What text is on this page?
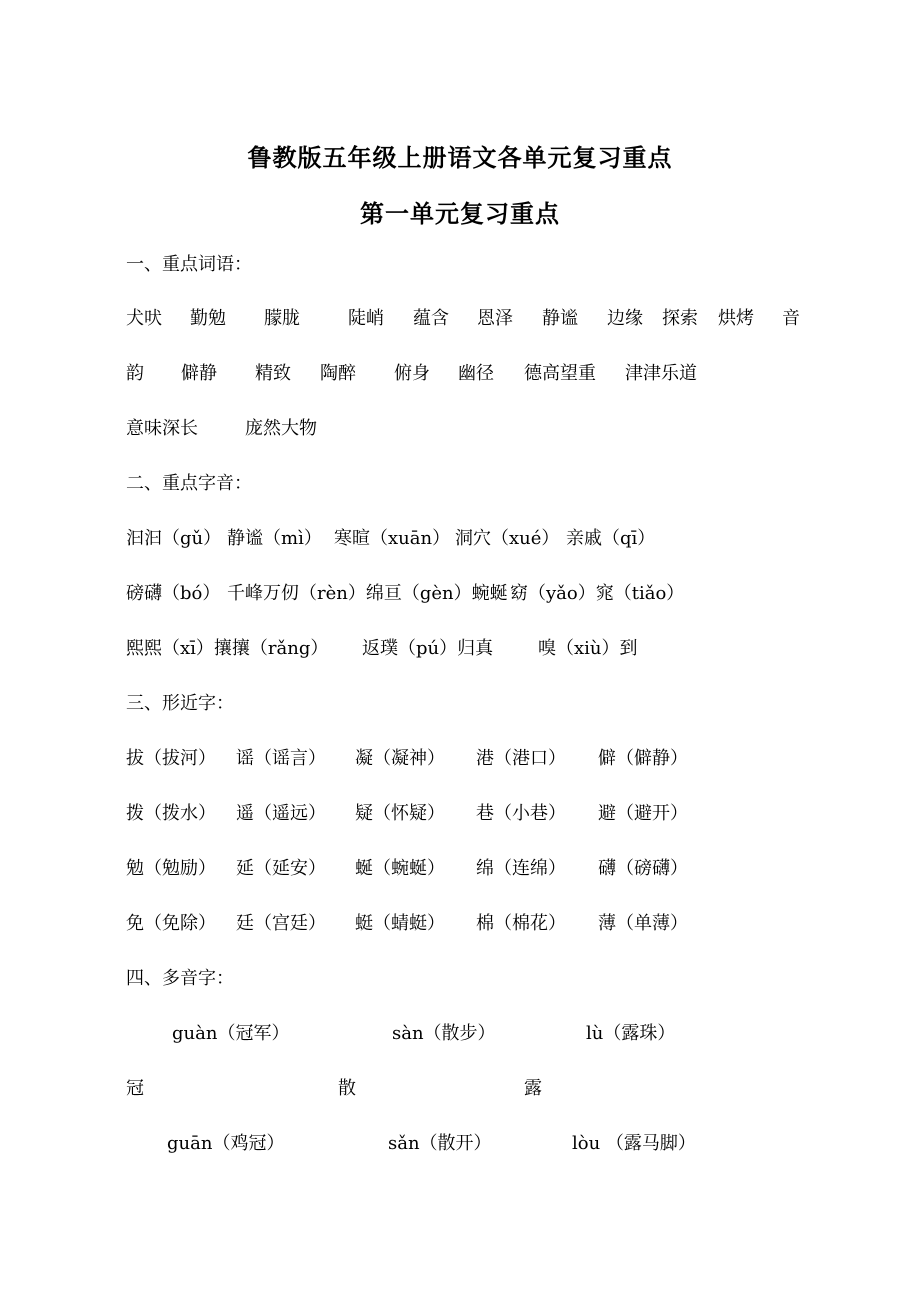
鲁教版五年级上册语文各单元复习重点
第一单元复习重点
一、重点词语：
犬吠 勤勉 朦胧	陡峭 蕴含 恩泽 静谧 边缘 探索 烘烤 音
韵 僻静 精致 陶醉 俯身 幽径 德高望重 津津乐道
意味深长	庞然大物
二、重点字音：
汩汩（gǔ） 静谧（mì） 寒暄（xuān） 洞穴（xué） 亲戚（qī）
磅礴（bó） 千峰万仞（rèn）绵亘（gèn）蜿蜒 窈（yǎo）窕（tiǎo）
熙熙（xī）攘攘（rǎng） 返璞（pú）归真 嗅（xiù）到
三、形近字：
拔（拔河） 谣（谣言） 凝（凝神） 港（港口） 僻（僻静）
拨（拨水） 遥（遥远） 疑（怀疑） 巷（小巷） 避（避开）
勉（勉励） 延（延安） 蜒（蜿蜒） 绵（连绵） 礴（磅礴）
免（免除） 廷（宫廷） 蜓（蜻蜓） 棉（棉花） 薄（单薄）
四、多音字：
guàn（冠军）	sàn（散步）	lù（露珠）
冠	散	露
guān（鸡冠）	sǎn（散开）	lòu （露马脚）
